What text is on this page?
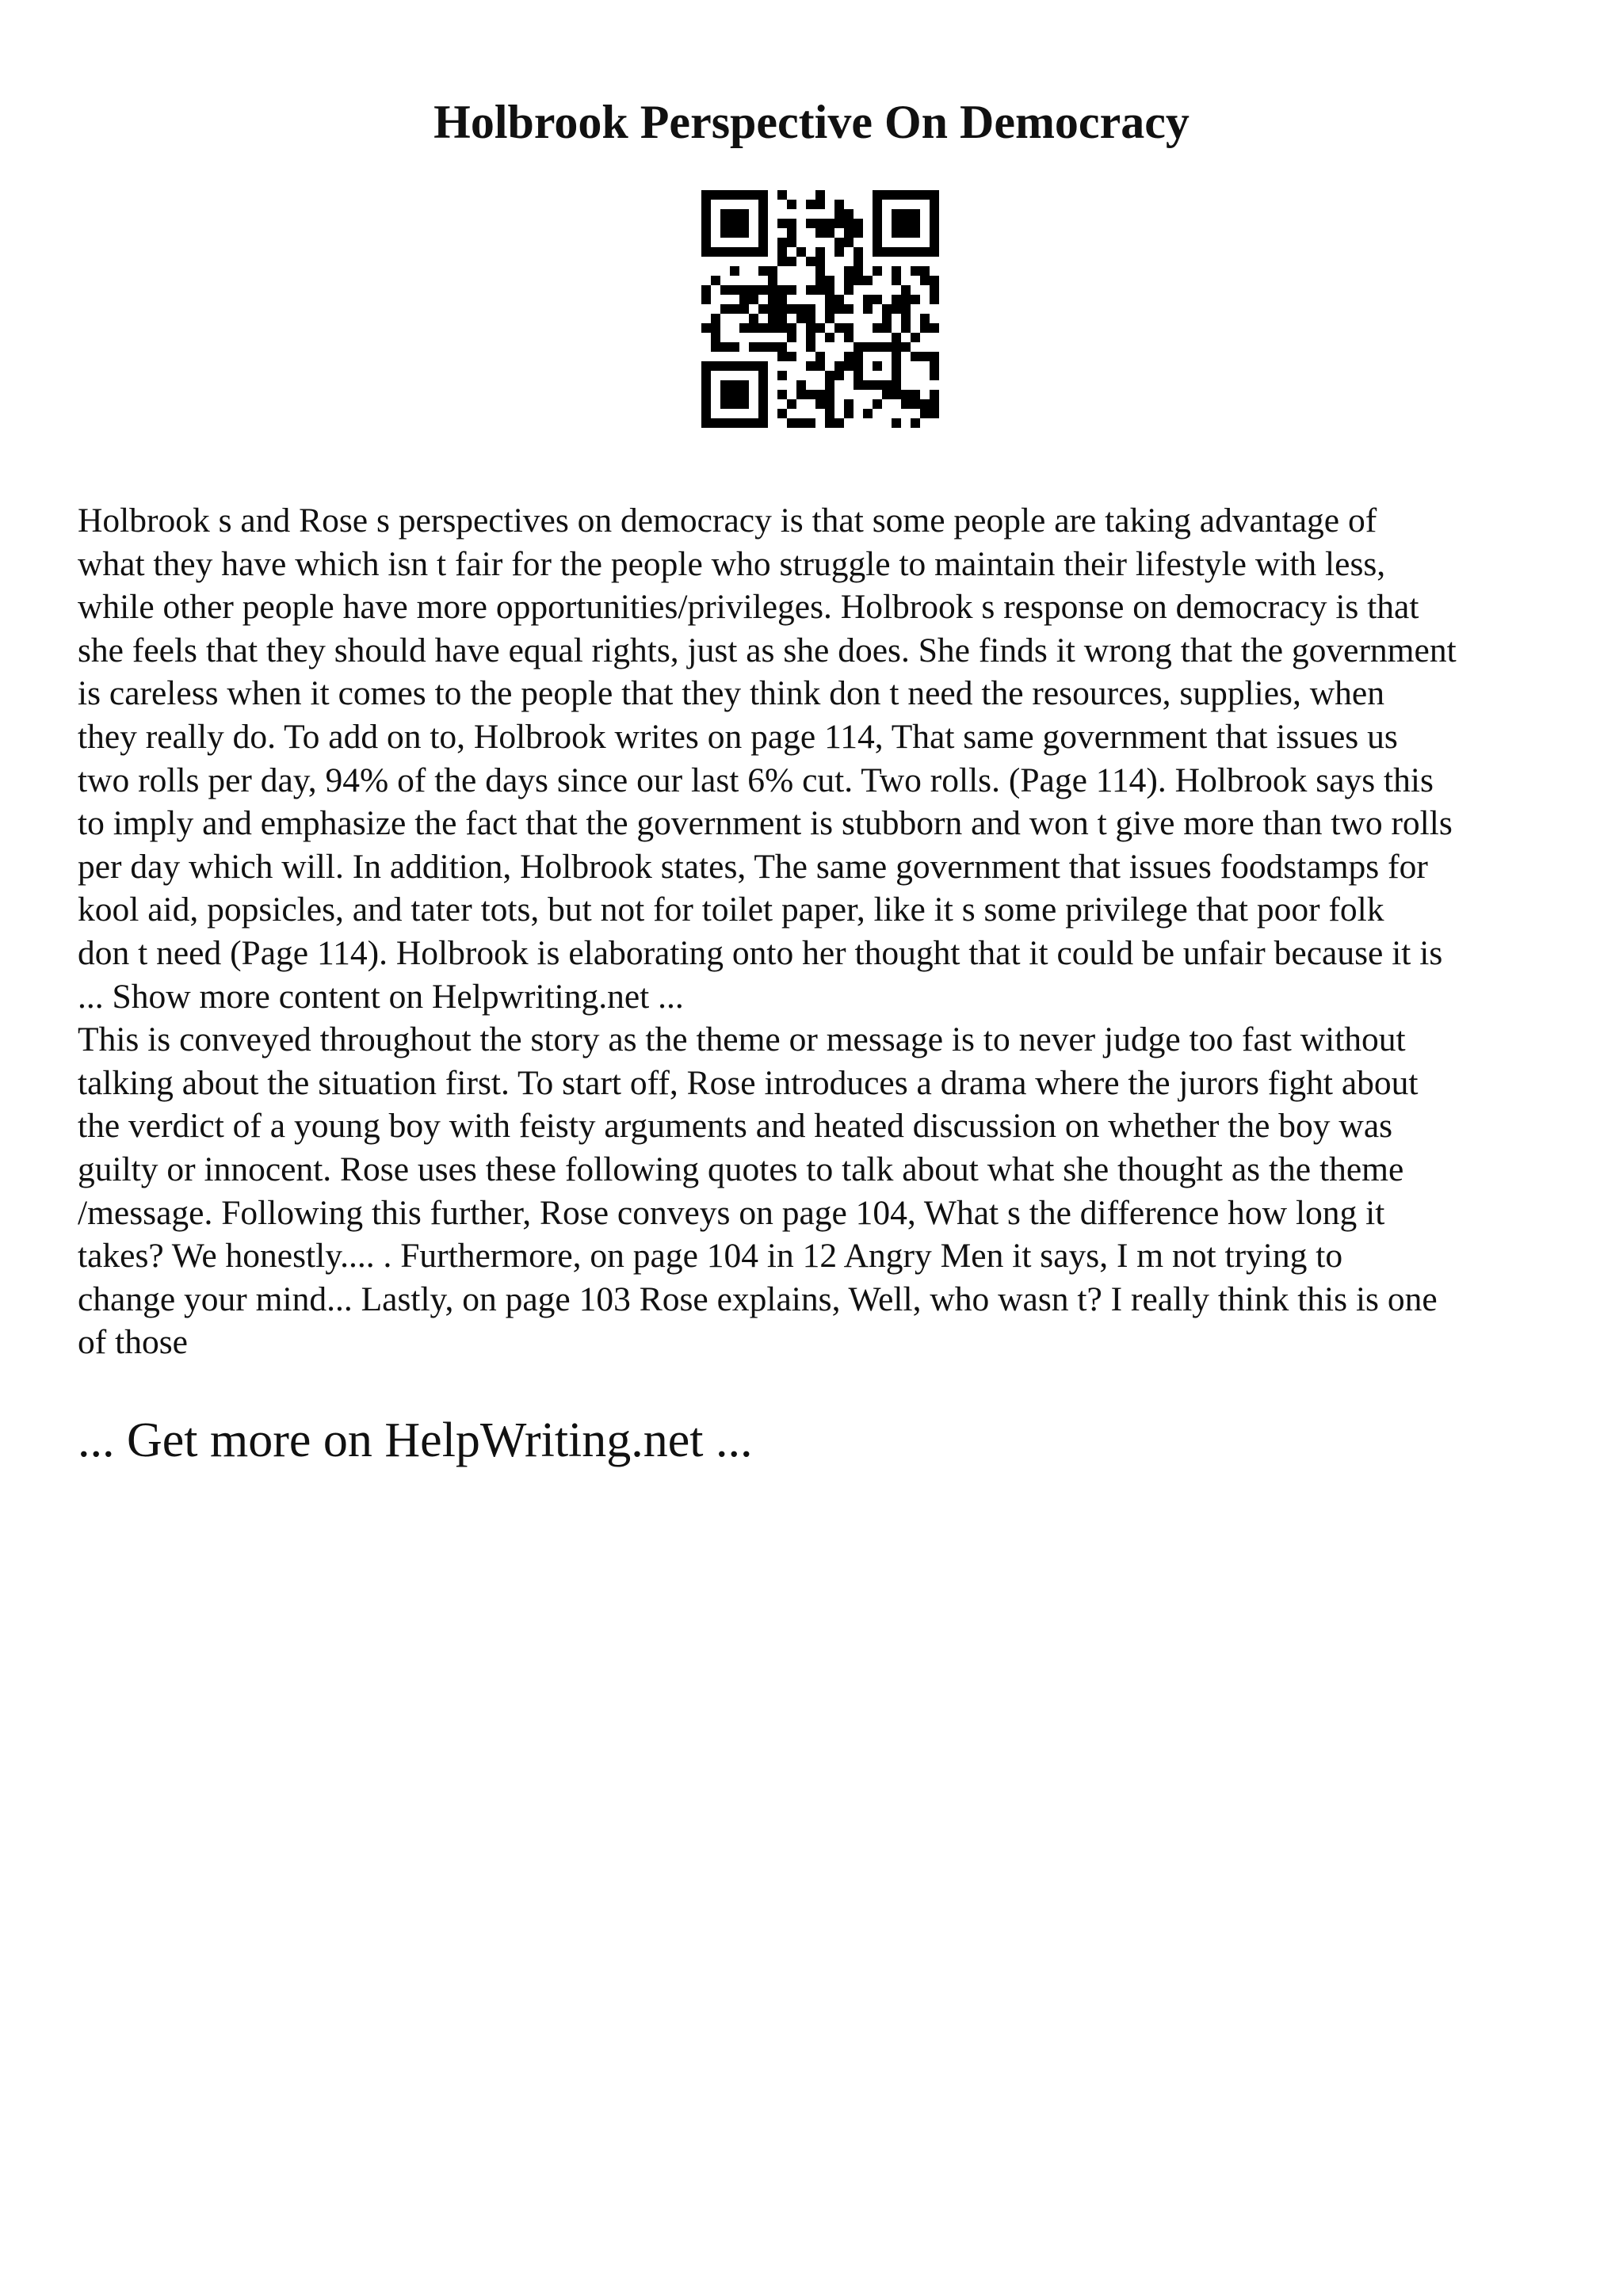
Holbrook Perspective On Democracy

Holbrook s and Rose s perspectives on democracy is that some people are taking advantage of
what they have which isn t fair for the people who struggle to maintain their lifestyle with less,
while other people have more opportunities/privileges. Holbrook s response on democracy is that
she feels that they should have equal rights, just as she does. She finds it wrong that the government
is careless when it comes to the people that they think don t need the resources, supplies, when
they really do. To add on to, Holbrook writes on page 114, That same government that issues us
two rolls per day, 94% of the days since our last 6% cut. Two rolls. (Page 114). Holbrook says this
to imply and emphasize the fact that the government is stubborn and won t give more than two rolls
per day which will. In addition, Holbrook states, The same government that issues foodstamps for
kool aid, popsicles, and tater tots, but not for toilet paper, like it s some privilege that poor folk
don t need (Page 114). Holbrook is elaborating onto her thought that it could be unfair because it is
... Show more content on Helpwriting.net ...

This is conveyed throughout the story as the theme or message is to never judge too fast without
talking about the situation first. To start off, Rose introduces a drama where the jurors fight about
the verdict of a young boy with feisty arguments and heated discussion on whether the boy was
guilty or innocent. Rose uses these following quotes to talk about what she thought as the theme
/message. Following this further, Rose conveys on page 104, What s the difference how long it
takes? We honestly.... . Furthermore, on page 104 in 12 Angry Men it says, I m not trying to
change your mind... Lastly, on page 103 Rose explains, Well, who wasn t? I really think this is one
of those

... Get more on HelpWriting.net ...
